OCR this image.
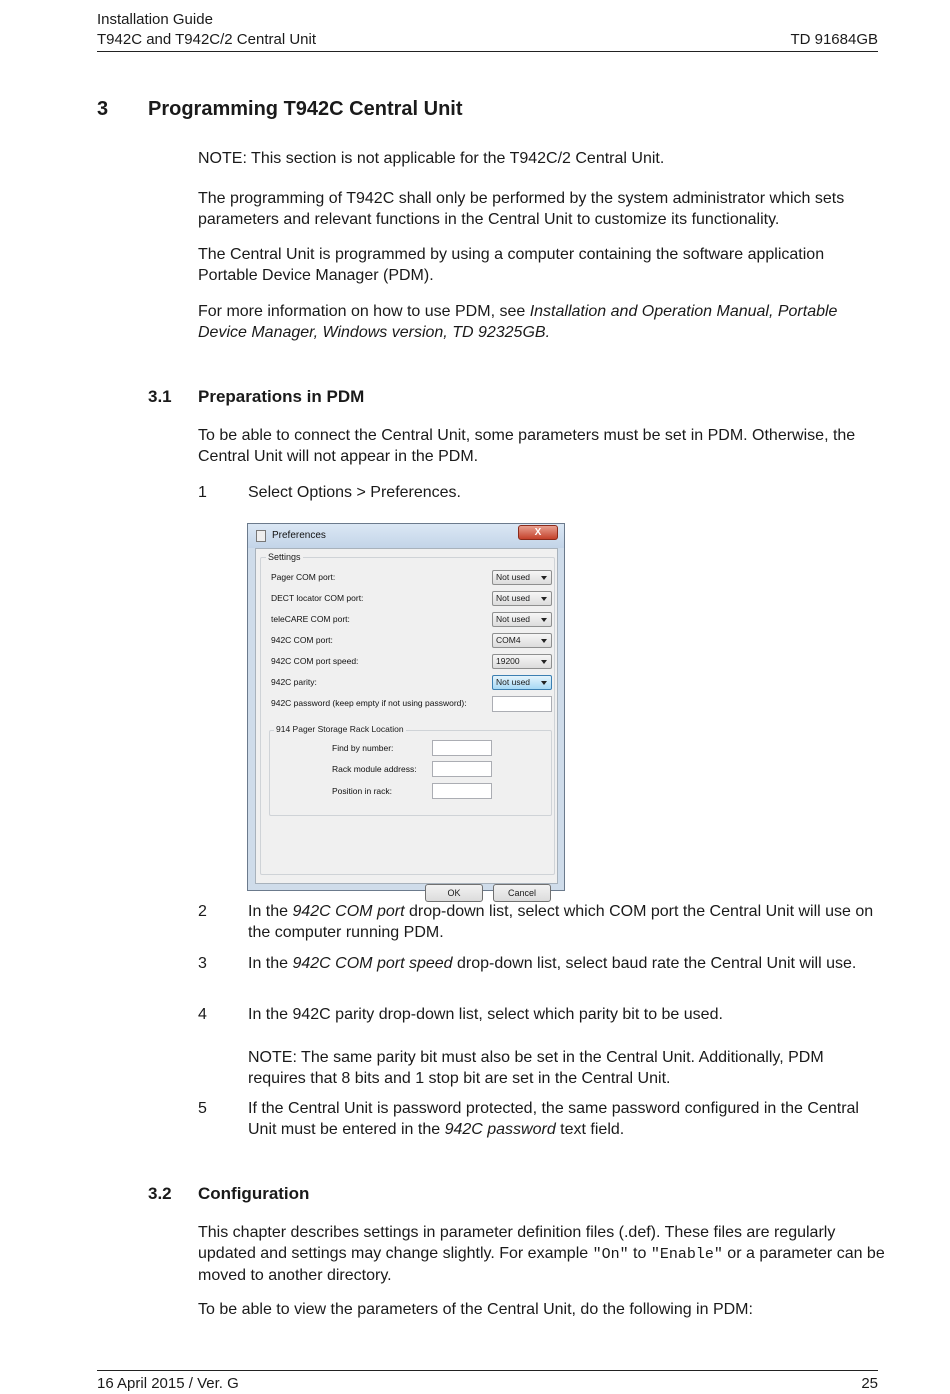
Installation Guide
T942C and T942C/2 Central Unit	TD 91684GB
3 Programming T942C Central Unit
NOTE: This section is not applicable for the T942C/2 Central Unit.
The programming of T942C shall only be performed by the system administrator which sets parameters and relevant functions in the Central Unit to customize its functionality.
The Central Unit is programmed by using a computer containing the software application Portable Device Manager (PDM).
For more information on how to use PDM, see Installation and Operation Manual, Portable Device Manager, Windows version, TD 92325GB.
3.1 Preparations in PDM
To be able to connect the Central Unit, some parameters must be set in PDM. Otherwise, the Central Unit will not appear in the PDM.
1	Select Options > Preferences.
Preferences	X
Settings
Pager COM port:	Not used
DECT locator COM port:	Not used
teleCARE COM port:	Not used
942C COM port:	COM4
942C COM port speed:	19200
942C parity:	Not used
942C password (keep empty if not using password):
914 Pager Storage Rack Location
Find by number:
Rack module address:
Position in rack:
OK	Cancel
2	In the 942C COM port drop-down list, select which COM port the Central Unit will use on the computer running PDM.
3	In the 942C COM port speed drop-down list, select baud rate the Central Unit will use.
4	In the 942C parity drop-down list, select which parity bit to be used.
NOTE: The same parity bit must also be set in the Central Unit. Additionally, PDM requires that 8 bits and 1 stop bit are set in the Central Unit.
5	If the Central Unit is password protected, the same password configured in the Central Unit must be entered in the 942C password text field.
3.2 Configuration
This chapter describes settings in parameter definition files (.def). These files are regularly updated and settings may change slightly. For example "On" to "Enable" or a parameter can be moved to another directory.
To be able to view the parameters of the Central Unit, do the following in PDM:
16 April 2015 / Ver. G	25
